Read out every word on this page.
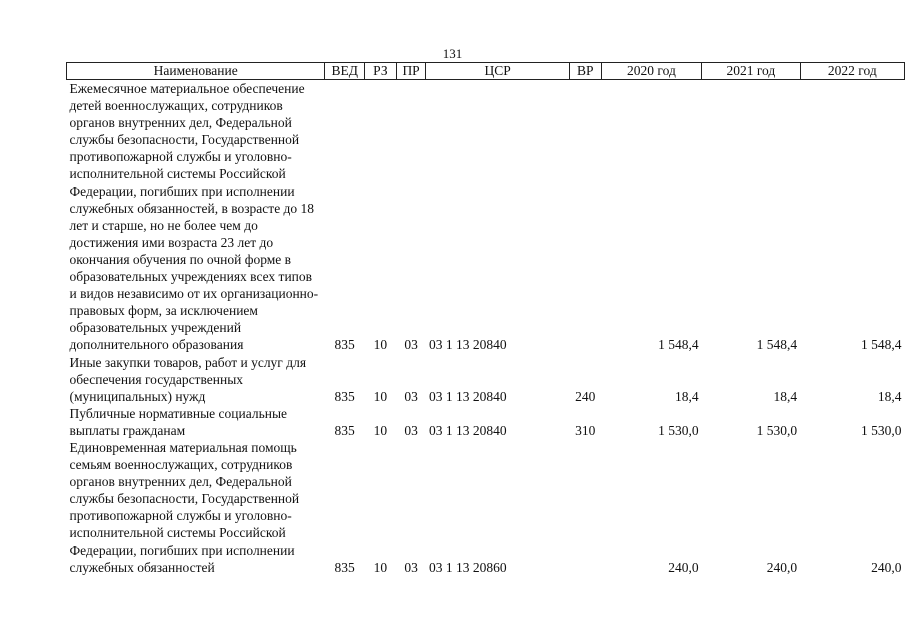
131
Наименование	ВЕД	РЗ	ПР	ЦСР	ВР	2020 год	2021 год	2022 год
Ежемесячное материальное обеспечение детей военнослужащих, сотрудников органов внутренних дел, Федеральной службы безопасности, Государственной противопожарной службы и уголовно-исполнительной системы Российской Федерации, погибших при исполнении служебных обязанностей, в возрасте до 18 лет и старше, но не более чем до достижения ими возраста 23 лет до окончания обучения по очной форме в образовательных учреждениях всех типов и видов независимо от их организационно-правовых форм, за исключением образовательных учреждений дополнительного образования	835	10	03	03 1 13 20840		1 548,4	1 548,4	1 548,4
Иные закупки товаров, работ и услуг для обеспечения государственных (муниципальных) нужд	835	10	03	03 1 13 20840	240	18,4	18,4	18,4
Публичные нормативные социальные выплаты гражданам	835	10	03	03 1 13 20840	310	1 530,0	1 530,0	1 530,0
Единовременная материальная помощь семьям военнослужащих, сотрудников органов внутренних дел, Федеральной службы безопасности, Государственной противопожарной службы и уголовно-исполнительной системы Российской Федерации, погибших при исполнении служебных обязанностей	835	10	03	03 1 13 20860		240,0	240,0	240,0
